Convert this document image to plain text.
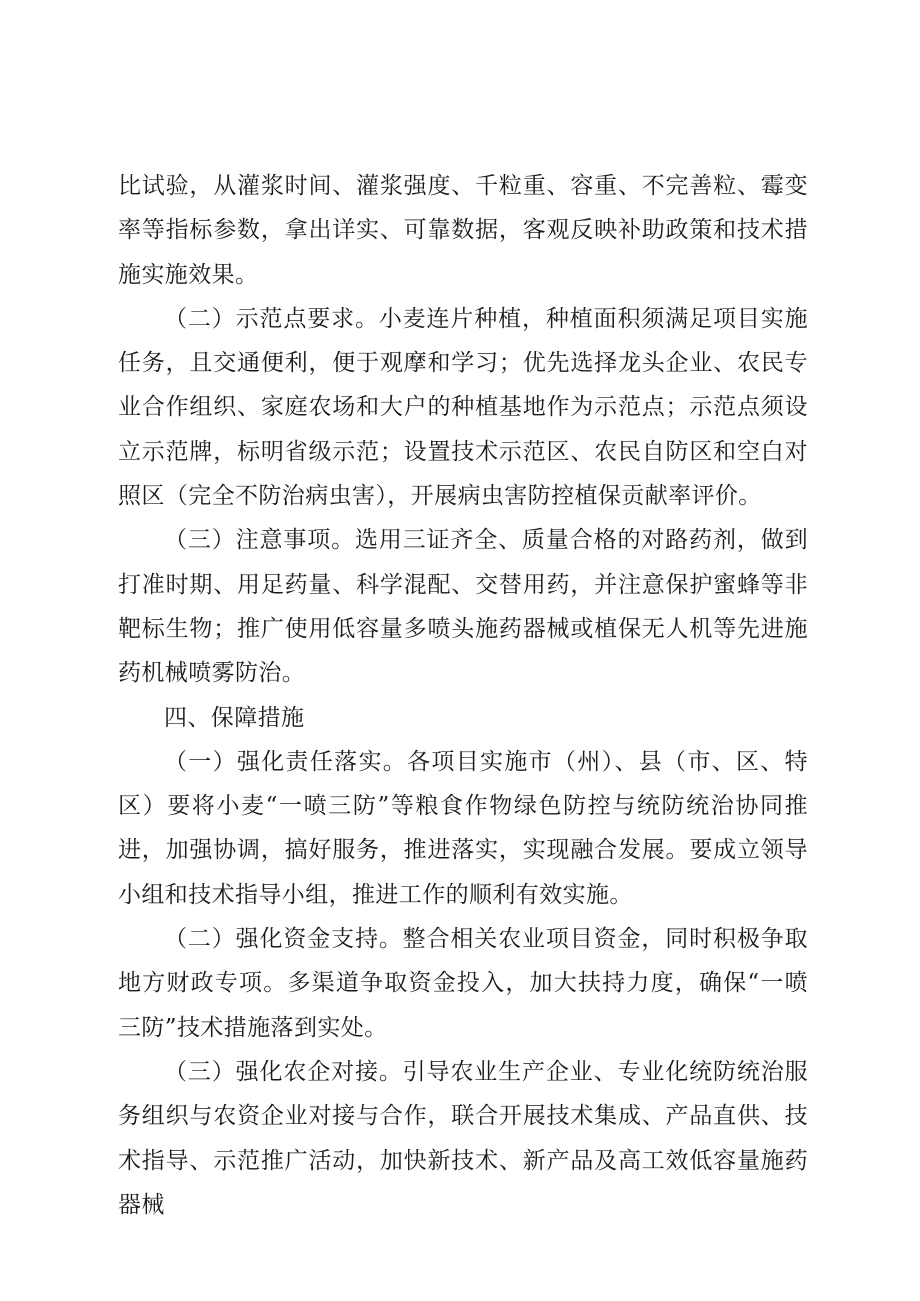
比试验，从灌浆时间、灌浆强度、千粒重、容重、不完善粒、霉变率等指标参数，拿出详实、可靠数据，客观反映补助政策和技术措施实施效果。

（二）示范点要求。小麦连片种植，种植面积须满足项目实施任务，且交通便利，便于观摩和学习；优先选择龙头企业、农民专业合作组织、家庭农场和大户的种植基地作为示范点；示范点须设立示范牌，标明省级示范；设置技术示范区、农民自防区和空白对照区（完全不防治病虫害），开展病虫害防控植保贡献率评价。

（三）注意事项。选用三证齐全、质量合格的对路药剂，做到打准时期、用足药量、科学混配、交替用药，并注意保护蜜蜂等非靶标生物；推广使用低容量多喷头施药器械或植保无人机等先进施药机械喷雾防治。

四、保障措施

（一）强化责任落实。各项目实施市（州）、县（市、区、特区）要将小麦“一喷三防”等粮食作物绿色防控与统防统治协同推进，加强协调，搞好服务，推进落实，实现融合发展。要成立领导小组和技术指导小组，推进工作的顺利有效实施。

（二）强化资金支持。整合相关农业项目资金，同时积极争取地方财政专项。多渠道争取资金投入，加大扶持力度，确保“一喷三防”技术措施落到实处。

（三）强化农企对接。引导农业生产企业、专业化统防统治服务组织与农资企业对接与合作，联合开展技术集成、产品直供、技术指导、示范推广活动，加快新技术、新产品及高工效低容量施药器械
